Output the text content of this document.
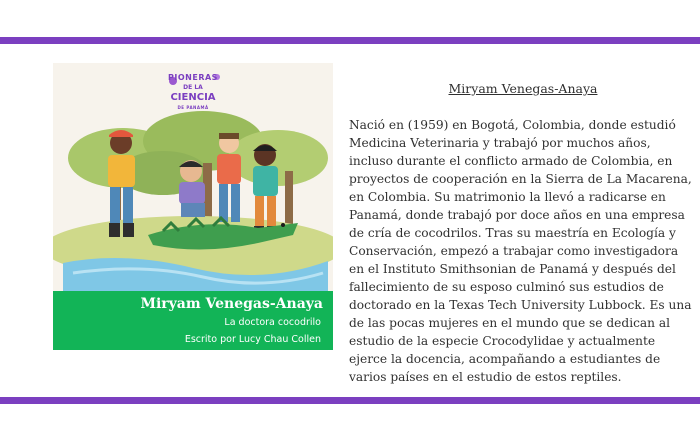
PIONERAS
DE LA
CIENCIA
DE PANAMÁ
Miryam Venegas-Anaya
La doctora cocodrilo
Escrito por Lucy Chau Collen
Miryam Venegas-Anaya
Nació en (1959) en Bogotá, Colombia, donde estudió Medicina Veterinaria y trabajó por muchos años, incluso durante el conflicto armado de Colombia, en proyectos de cooperación en la Sierra de La Macarena, en Colombia. Su matrimonio la llevó a radicarse en Panamá, donde trabajó por doce años en una empresa de cría de cocodrilos. Tras su maestría en Ecología y Conservación, empezó a trabajar como investigadora en el Instituto Smithsonian de Panamá y después del fallecimiento de su esposo culminó sus estudios de doctorado en la Texas Tech University Lubbock. Es una de las pocas mujeres en el mundo que se dedican al estudio de la especie Crocodylidae y actualmente ejerce la docencia, acompañando a estudiantes de varios países en el estudio de estos reptiles.
